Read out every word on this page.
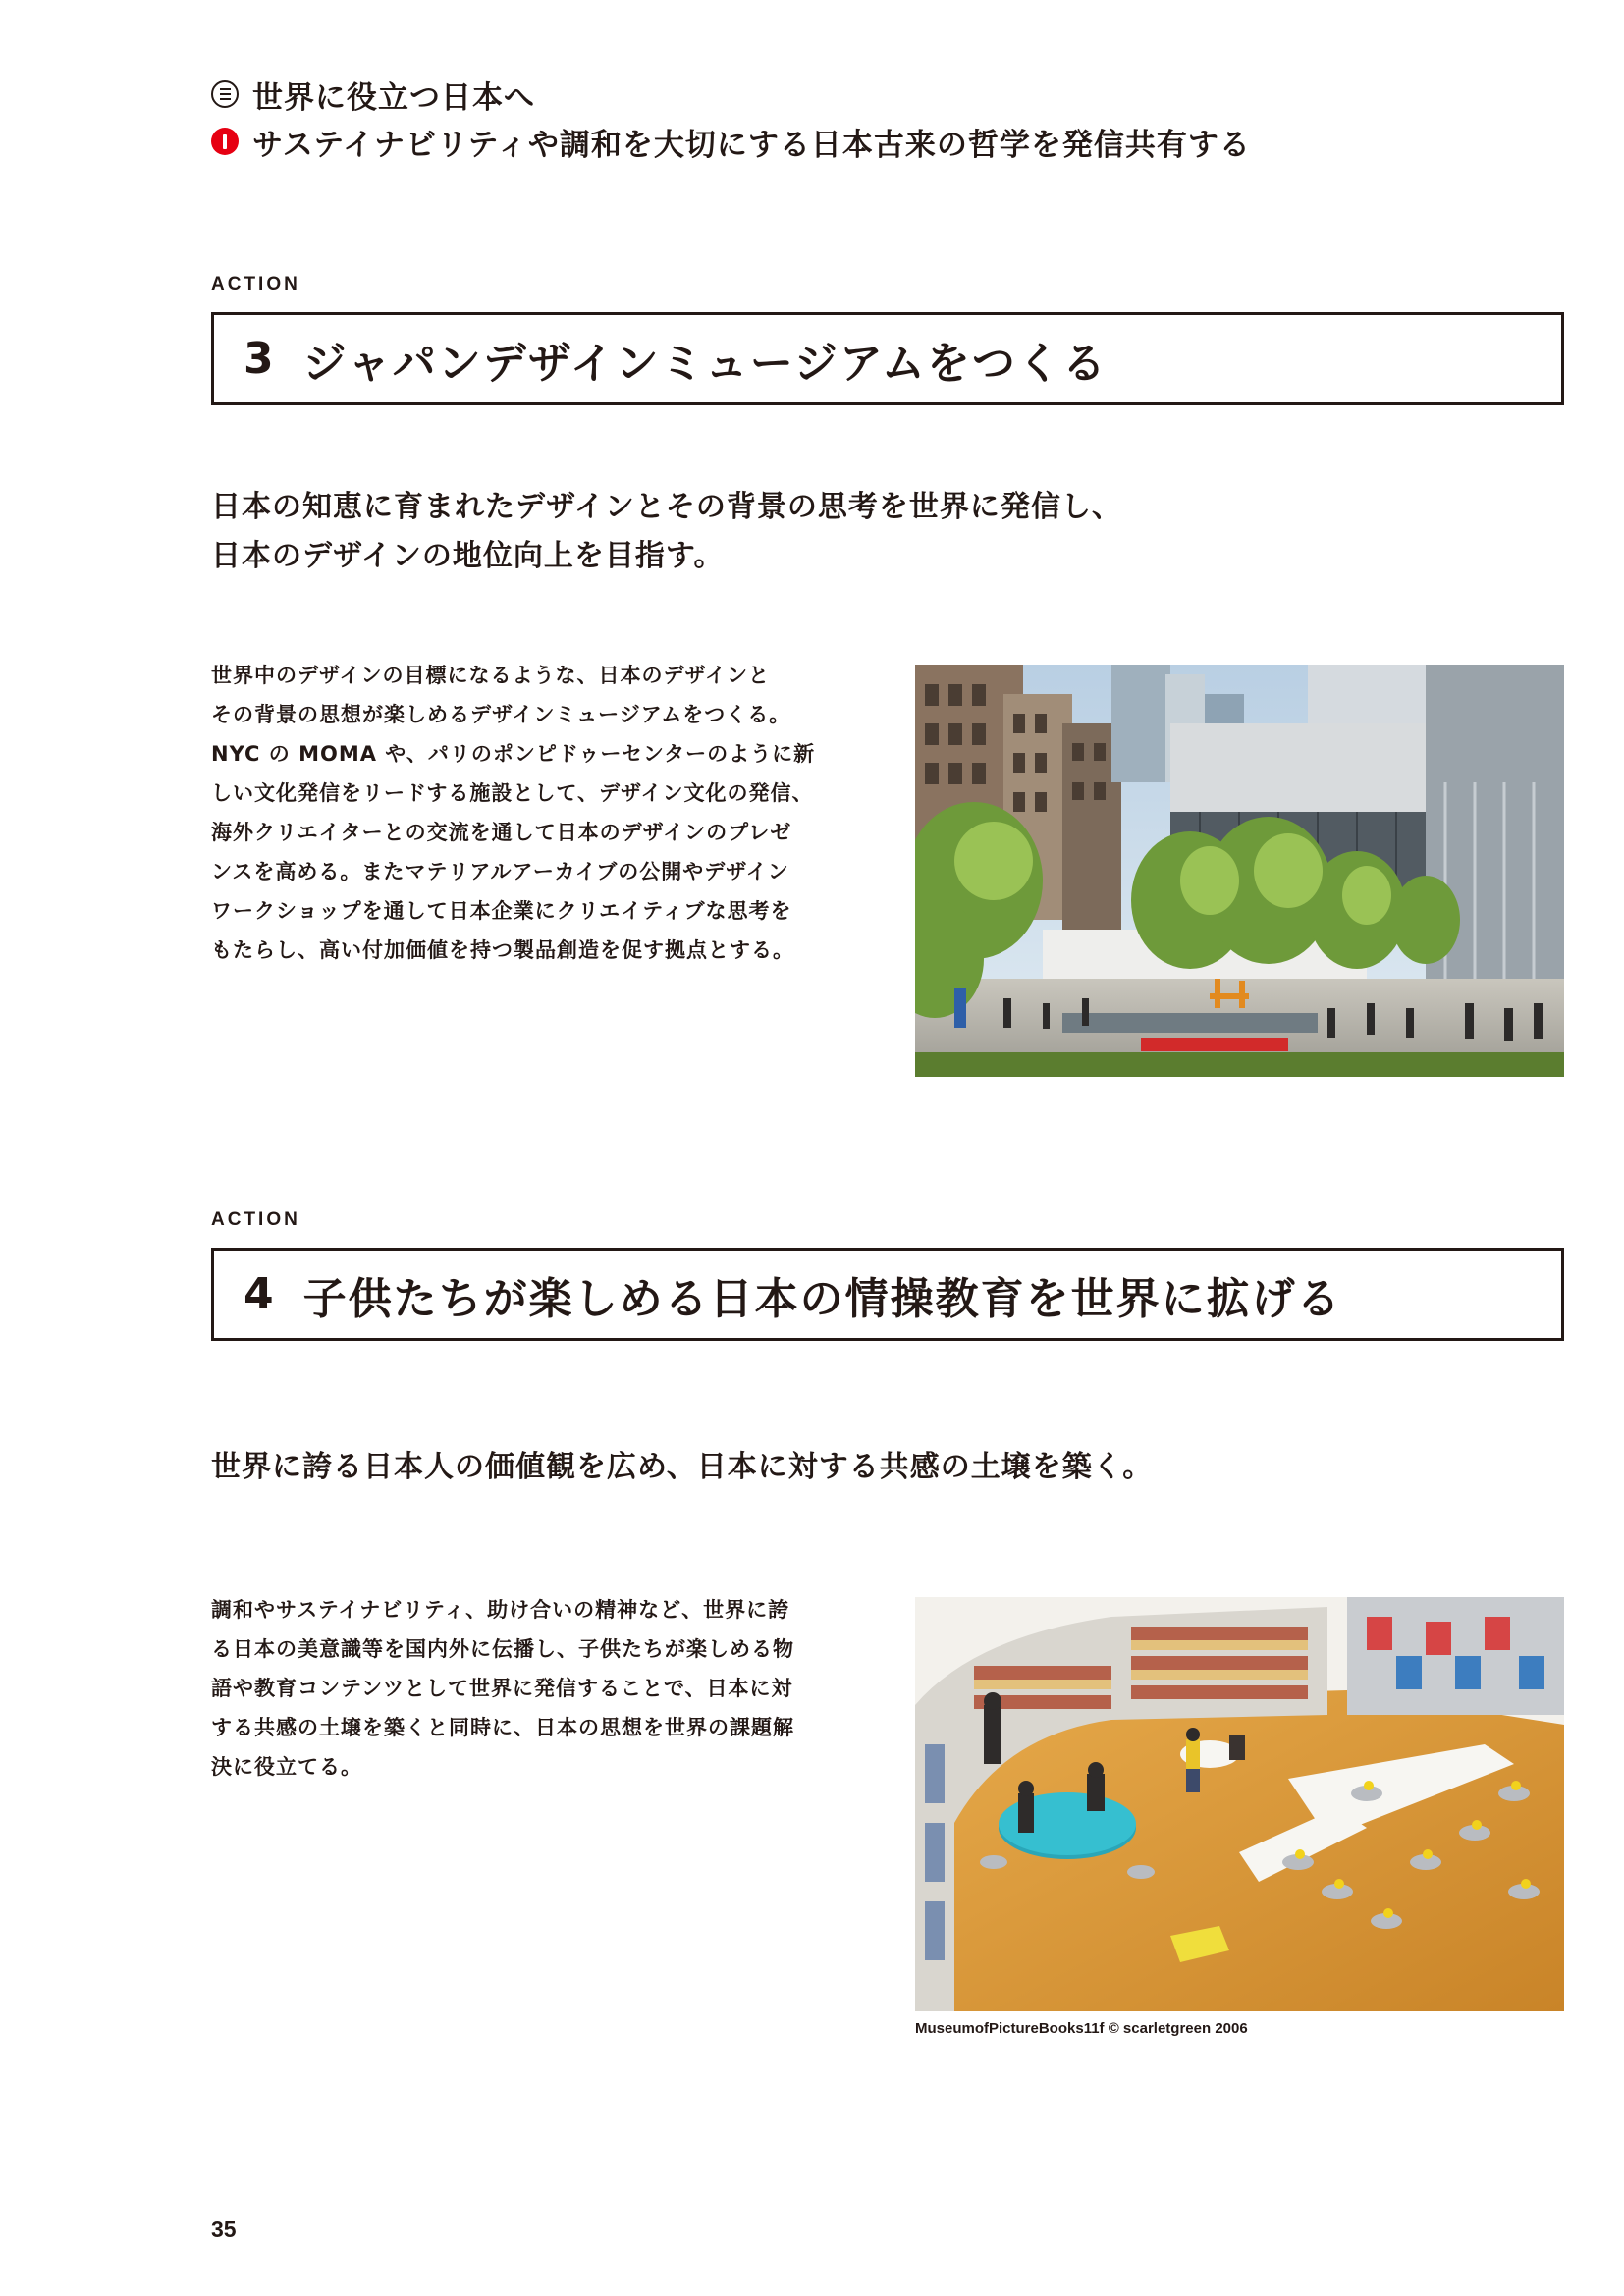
世界に役立つ日本へ
サステイナビリティや調和を大切にする日本古来の哲学を発信共有する
ACTION
3 ジャパンデザインミュージアムをつくる
日本の知恵に育まれたデザインとその背景の思考を世界に発信し、
日本のデザインの地位向上を目指す。
世界中のデザインの目標になるような、日本のデザインと
その背景の思想が楽しめるデザインミュージアムをつくる。
NYC の MOMA や、パリのポンピドゥーセンターのように新
しい文化発信をリードする施設として、デザイン文化の発信、
海外クリエイターとの交流を通して日本のデザインのプレゼ
ンスを高める。またマテリアルアーカイブの公開やデザイン
ワークショップを通して日本企業にクリエイティブな思考を
もたらし、高い付加価値を持つ製品創造を促す拠点とする。
ACTION
4 子供たちが楽しめる日本の情操教育を世界に拡げる
世界に誇る日本人の価値観を広め、日本に対する共感の土壌を築く。
調和やサステイナビリティ、助け合いの精神など、世界に誇
る日本の美意識等を国内外に伝播し、子供たちが楽しめる物
語や教育コンテンツとして世界に発信することで、日本に対
する共感の土壌を築くと同時に、日本の思想を世界の課題解
決に役立てる。
MuseumofPictureBooks11f © scarletgreen 2006
35
